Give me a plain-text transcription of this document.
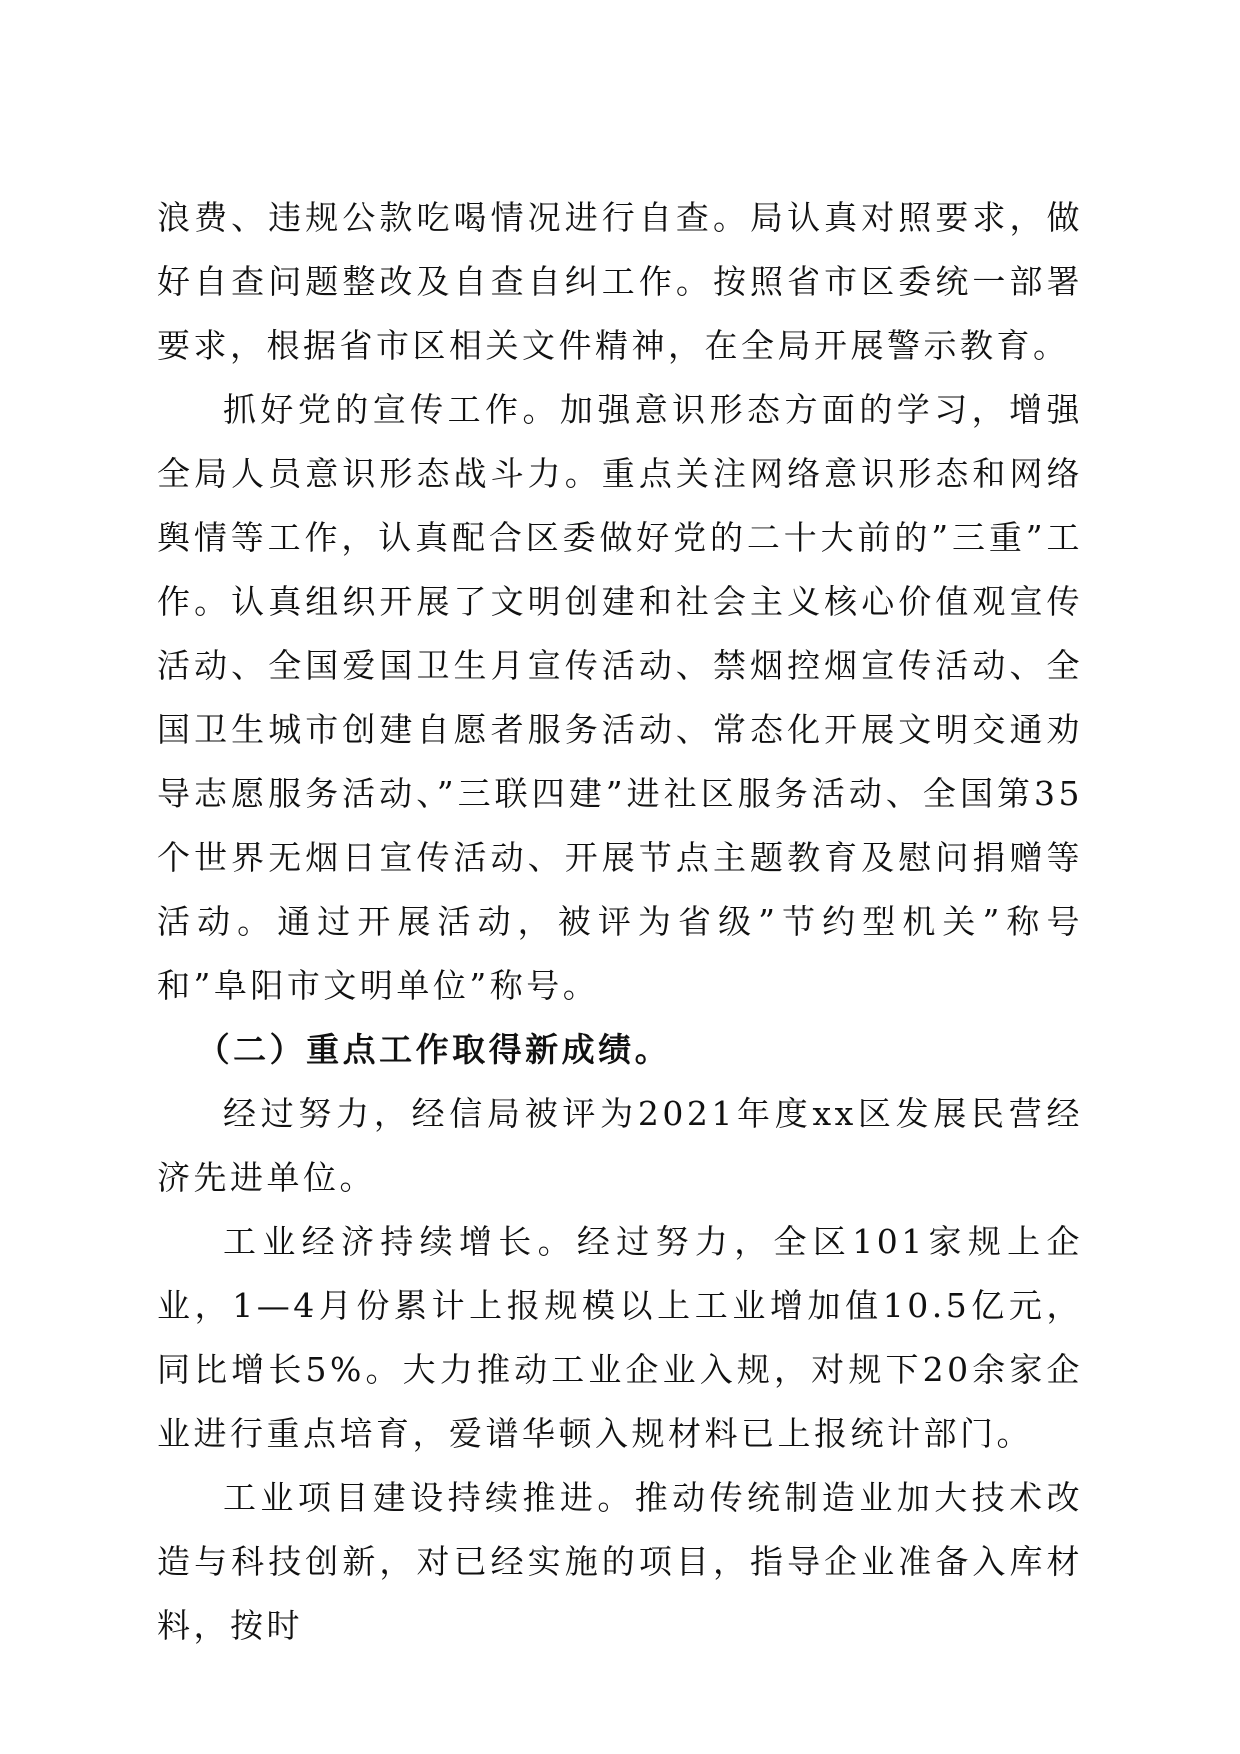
浪费、违规公款吃喝情况进行自查。局认真对照要求，做好自查问题整改及自查自纠工作。按照省市区委统一部署要求，根据省市区相关文件精神，在全局开展警示教育。

抓好党的宣传工作。加强意识形态方面的学习，增强全局人员意识形态战斗力。重点关注网络意识形态和网络舆情等工作，认真配合区委做好党的二十大前的”三重”工作。认真组织开展了文明创建和社会主义核心价值观宣传活动、全国爱国卫生月宣传活动、禁烟控烟宣传活动、全国卫生城市创建自愿者服务活动、常态化开展文明交通劝导志愿服务活动、”三联四建”进社区服务活动、全国第35个世界无烟日宣传活动、开展节点主题教育及慰问捐赠等活动。通过开展活动，被评为省级”节约型机关”称号和”阜阳市文明单位”称号。

（二）重点工作取得新成绩。

经过努力，经信局被评为2021年度xx区发展民营经济先进单位。

工业经济持续增长。经过努力，全区101家规上企业，1—4月份累计上报规模以上工业增加值10.5亿元，同比增长5%。大力推动工业企业入规，对规下20余家企业进行重点培育，爱谱华顿入规材料已上报统计部门。

工业项目建设持续推进。推动传统制造业加大技术改造与科技创新，对已经实施的项目，指导企业准备入库材料，按时
